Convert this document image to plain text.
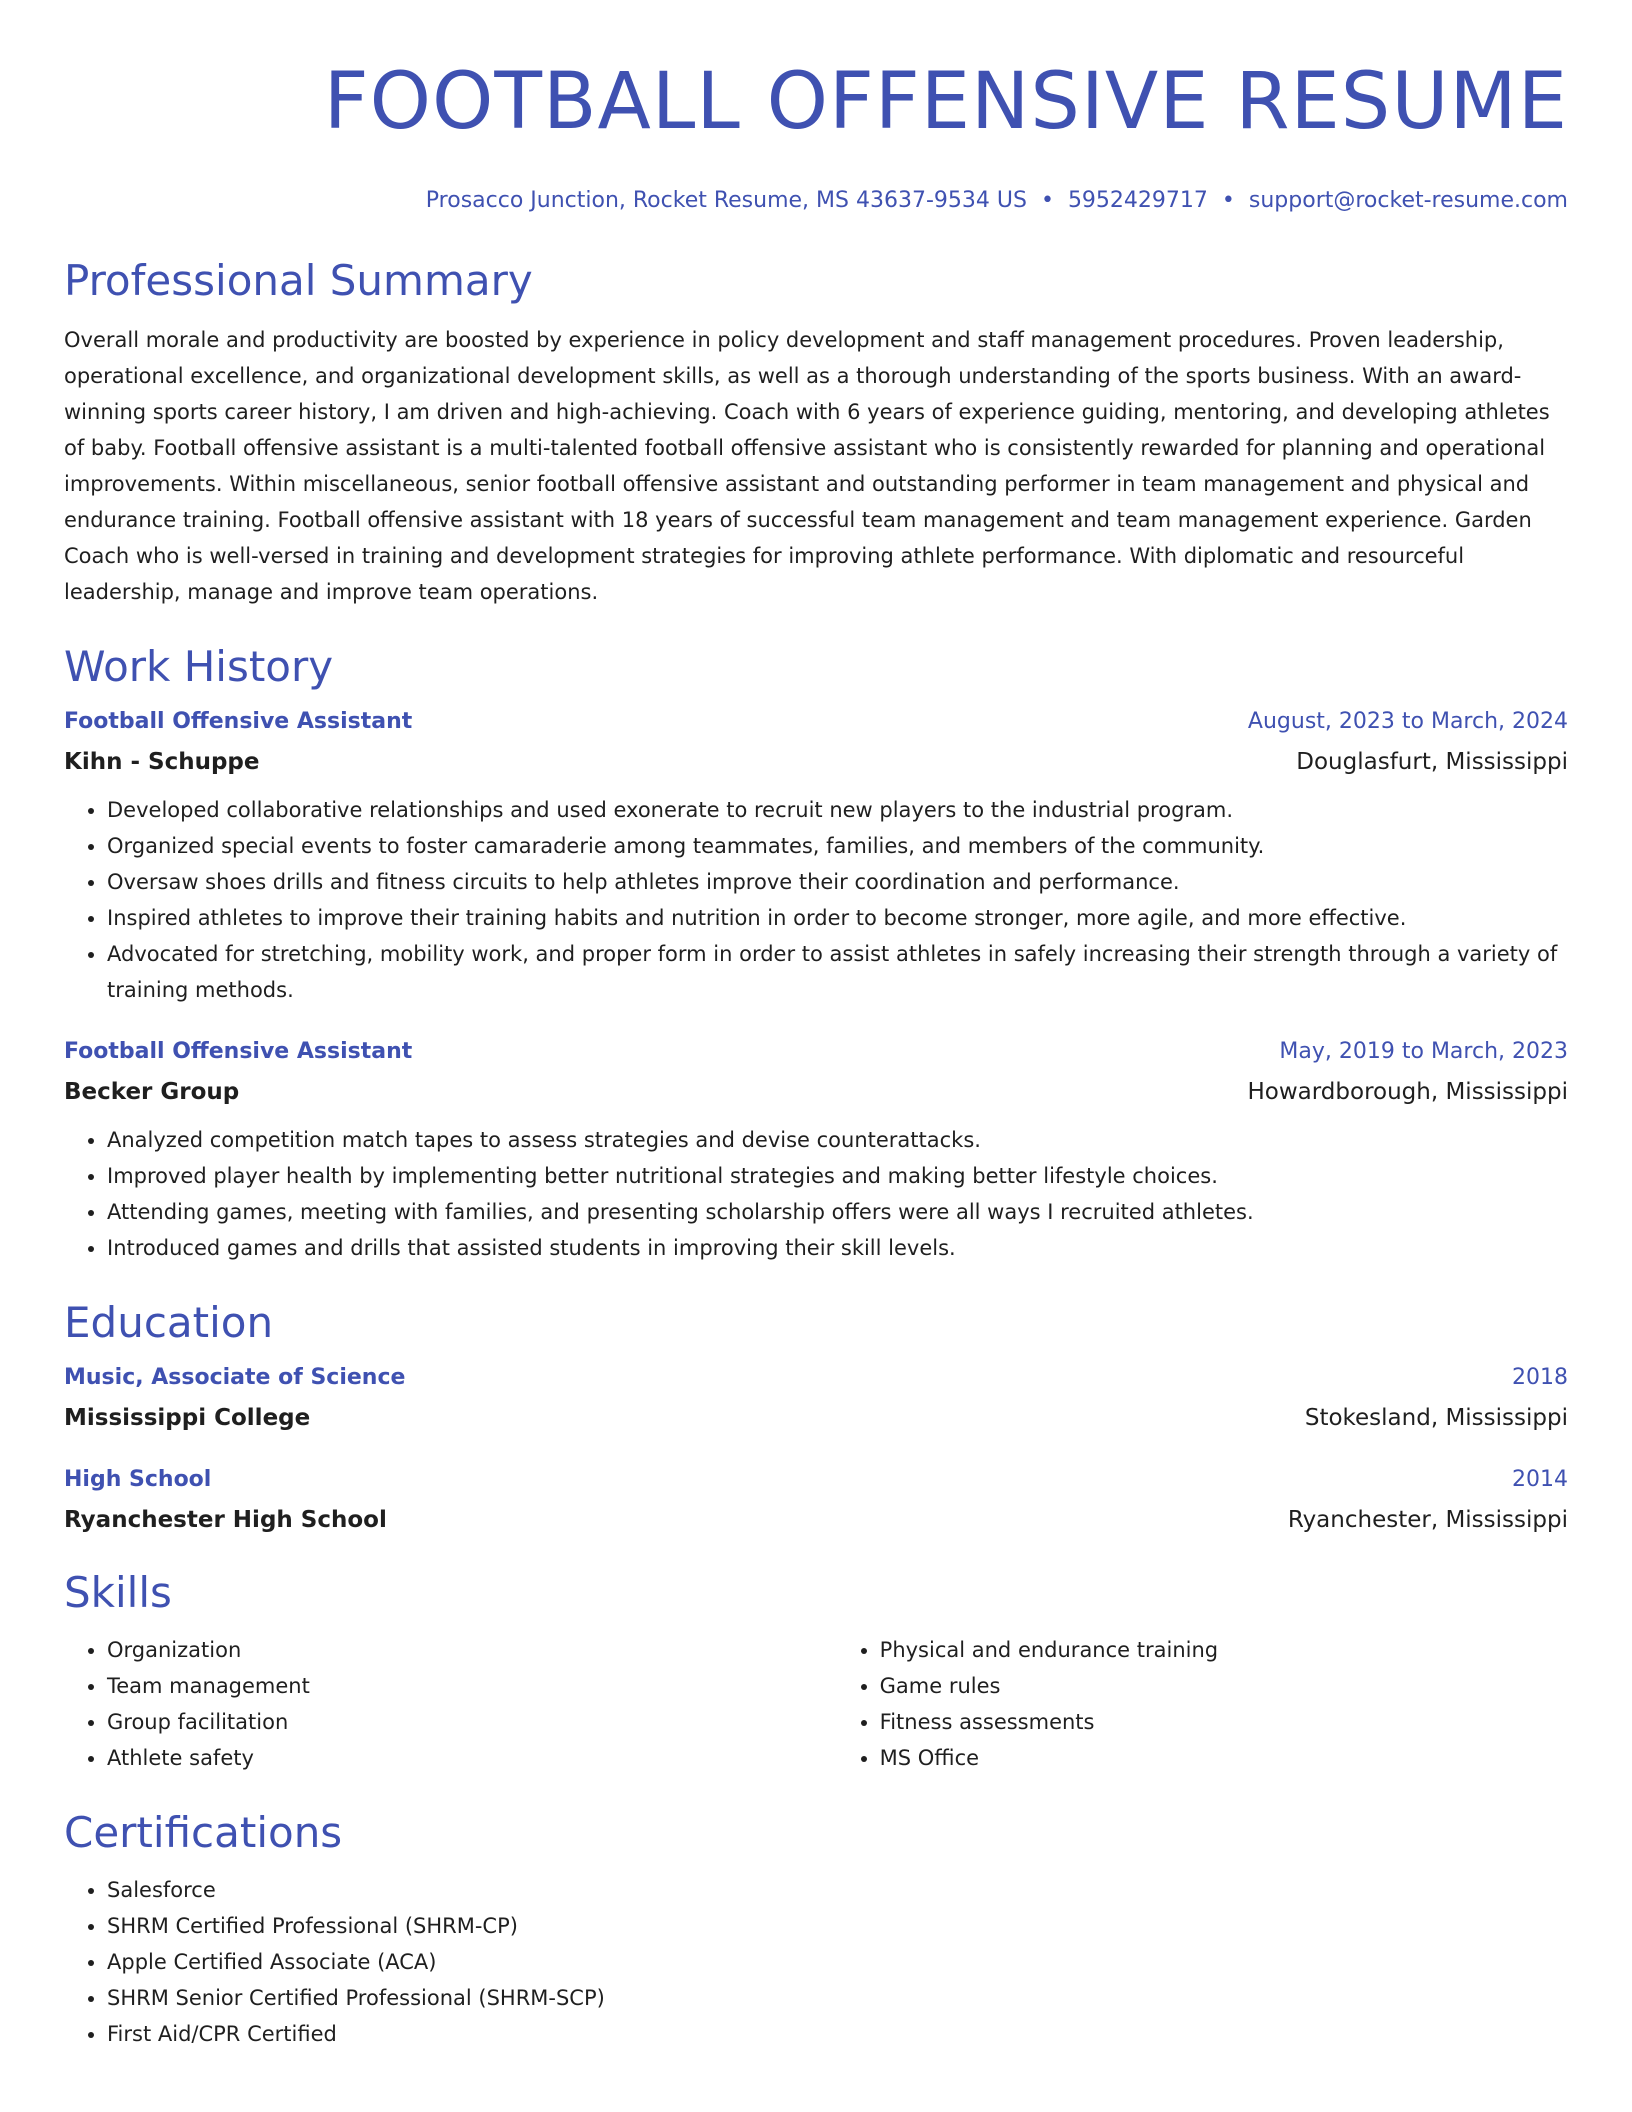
FOOTBALL OFFENSIVE RESUME
Prosacco Junction, Rocket Resume, MS 43637-9534 US • 5952429717 • support@rocket-resume.com
Professional Summary

Overall morale and productivity are boosted by experience in policy development and staff management procedures. Proven leadership, operational excellence, and organizational development skills, as well as a thorough understanding of the sports business. With an award-winning sports career history, I am driven and high-achieving. Coach with 6 years of experience guiding, mentoring, and developing athletes of baby. Football offensive assistant is a multi-talented football offensive assistant who is consistently rewarded for planning and operational improvements. Within miscellaneous, senior football offensive assistant and outstanding performer in team management and physical and endurance training. Football offensive assistant with 18 years of successful team management and team management experience. Garden Coach who is well-versed in training and development strategies for improving athlete performance. With diplomatic and resourceful leadership, manage and improve team operations.

Work History
Football Offensive Assistant	August, 2023 to March, 2024
Kihn - Schuppe	Douglasfurt, Mississippi
• Developed collaborative relationships and used exonerate to recruit new players to the industrial program.
• Organized special events to foster camaraderie among teammates, families, and members of the community.
• Oversaw shoes drills and fitness circuits to help athletes improve their coordination and performance.
• Inspired athletes to improve their training habits and nutrition in order to become stronger, more agile, and more effective.
• Advocated for stretching, mobility work, and proper form in order to assist athletes in safely increasing their strength through a variety of training methods.
Football Offensive Assistant	May, 2019 to March, 2023
Becker Group	Howardborough, Mississippi
• Analyzed competition match tapes to assess strategies and devise counterattacks.
• Improved player health by implementing better nutritional strategies and making better lifestyle choices.
• Attending games, meeting with families, and presenting scholarship offers were all ways I recruited athletes.
• Introduced games and drills that assisted students in improving their skill levels.
Education
Music, Associate of Science	2018
Mississippi College	Stokesland, Mississippi
High School	2014
Ryanchester High School	Ryanchester, Mississippi
Skills
• Organization
• Team management
• Group facilitation
• Athlete safety
• Physical and endurance training
• Game rules
• Fitness assessments
• MS Office
Certifications
• Salesforce
• SHRM Certified Professional (SHRM-CP)
• Apple Certified Associate (ACA)
• SHRM Senior Certified Professional (SHRM-SCP)
• First Aid/CPR Certified
